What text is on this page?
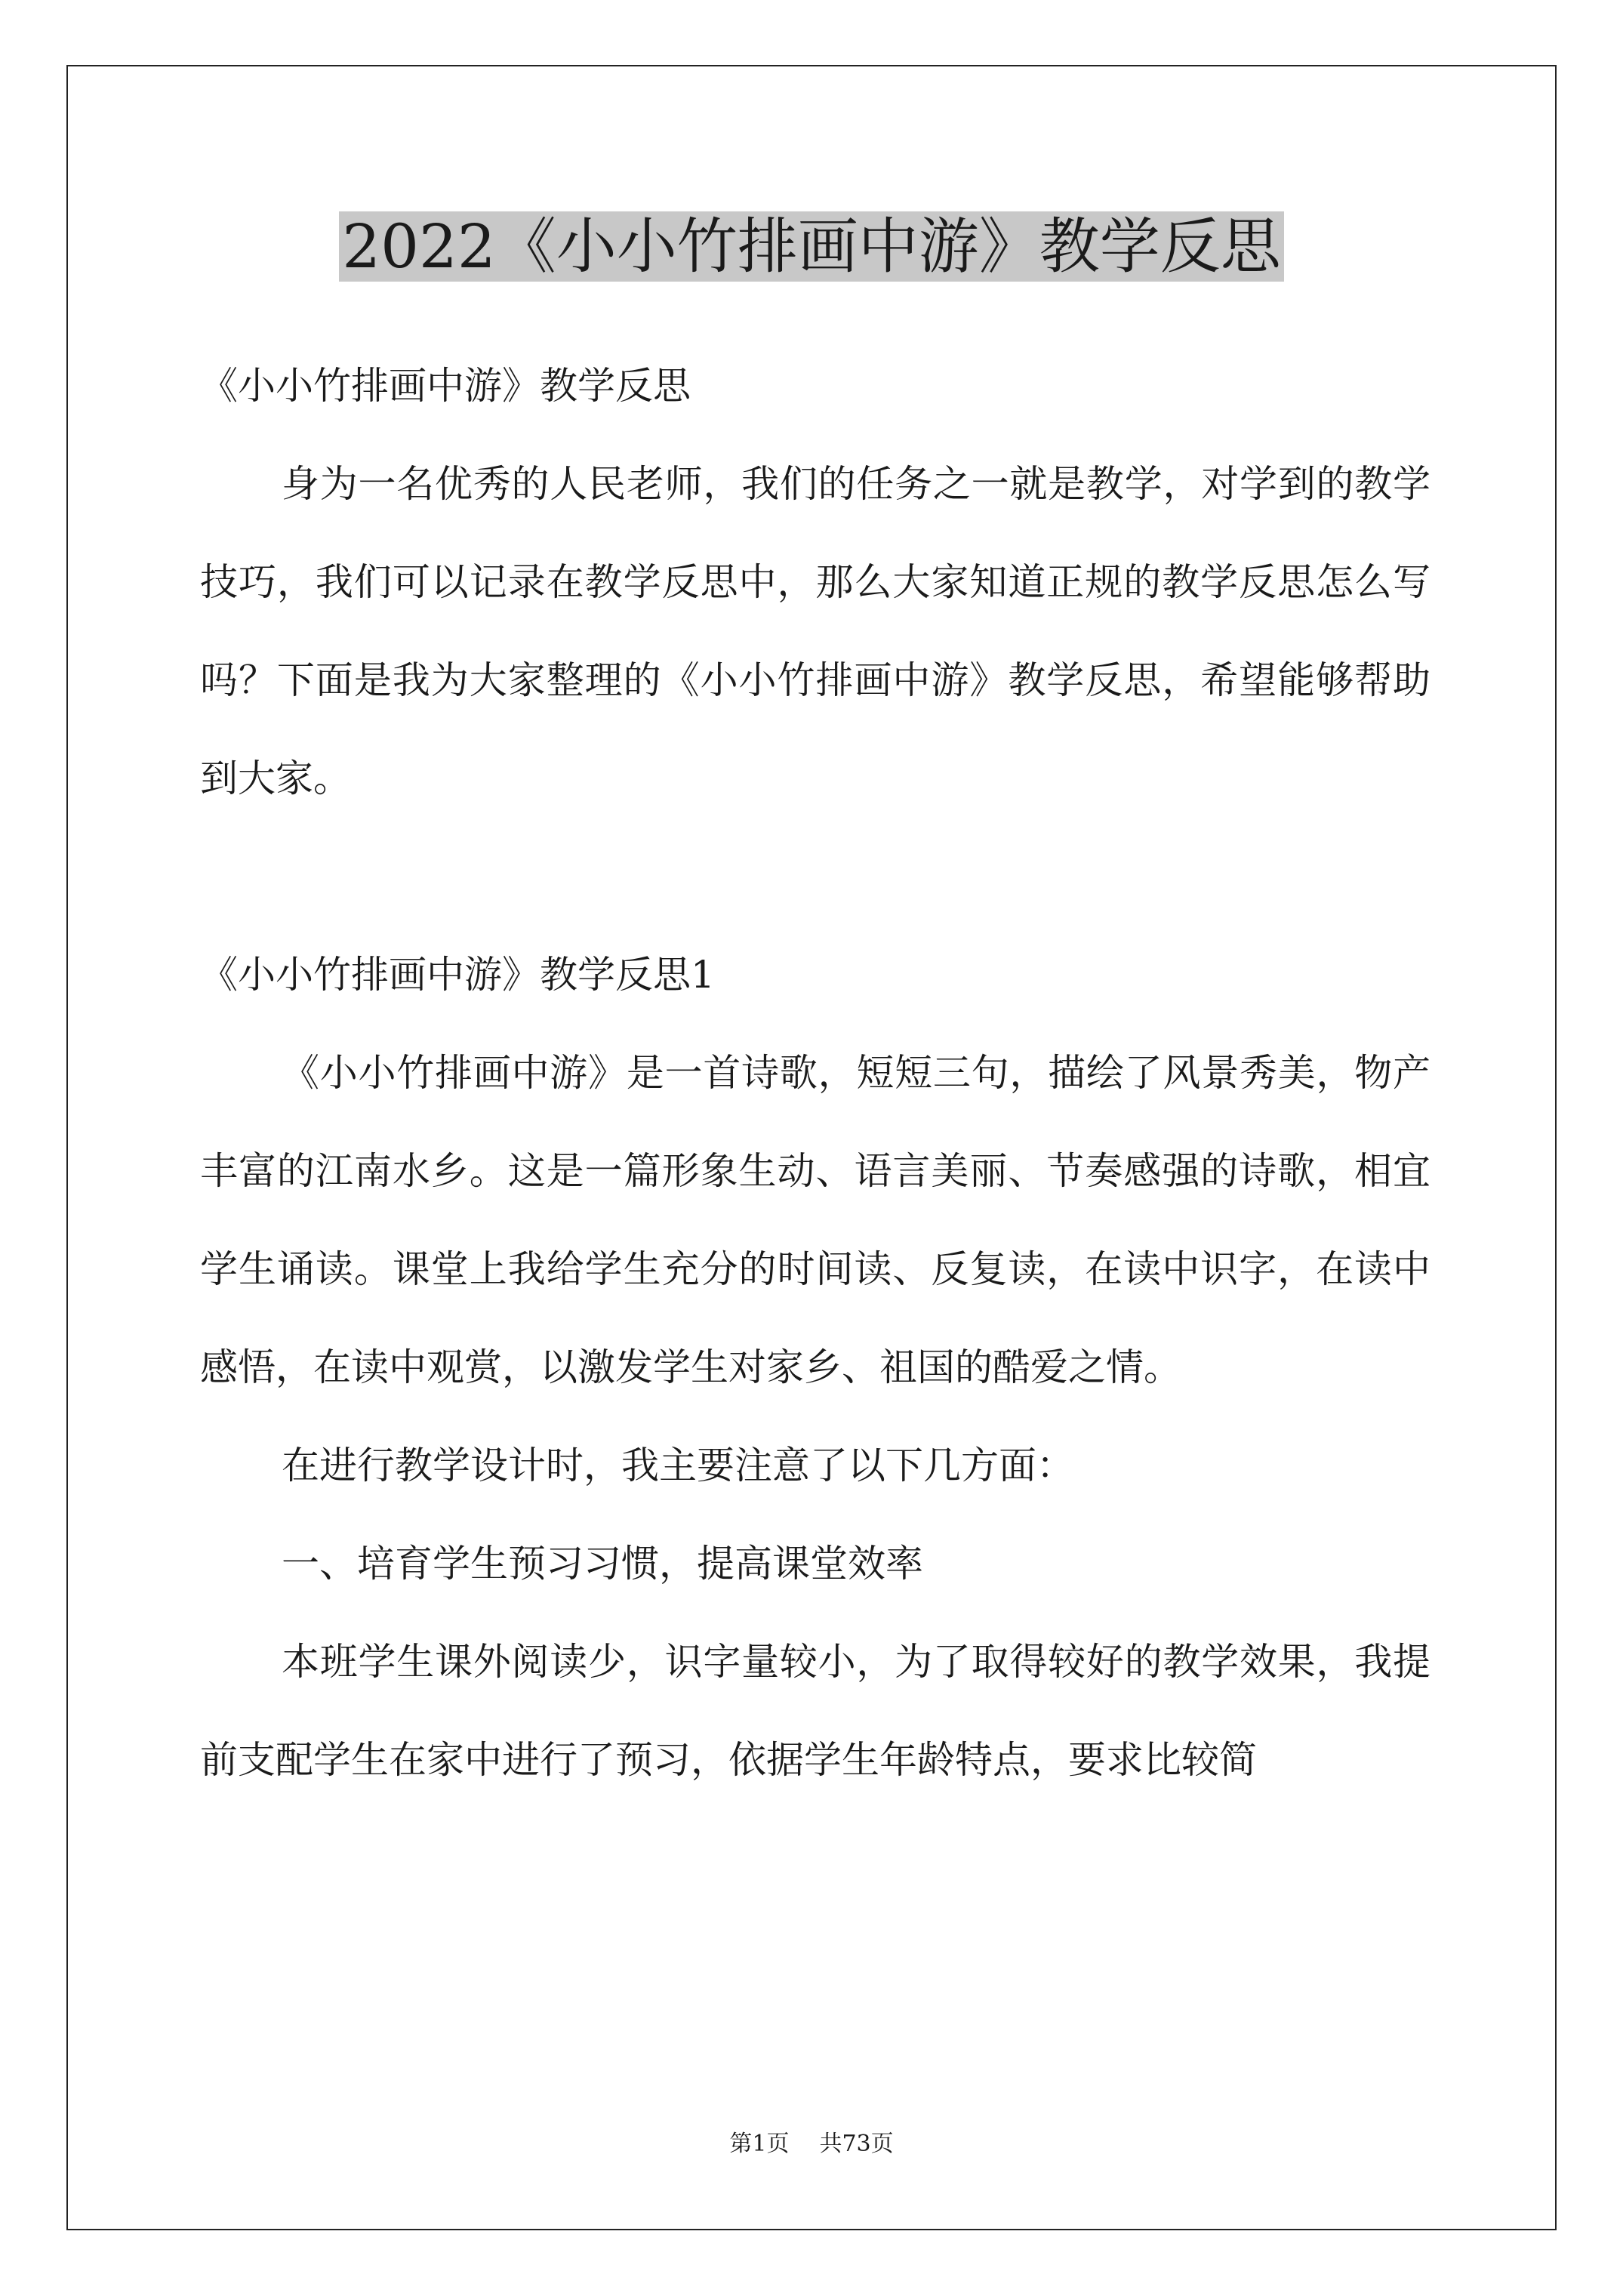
2022《小小竹排画中游》教学反思

《小小竹排画中游》教学反思

身为一名优秀的人民老师，我们的任务之一就是教学，对学到的教学技巧，我们可以记录在教学反思中，那么大家知道正规的教学反思怎么写吗？下面是我为大家整理的《小小竹排画中游》教学反思，希望能够帮助到大家。

《小小竹排画中游》教学反思1

《小小竹排画中游》是一首诗歌，短短三句，描绘了风景秀美，物产丰富的江南水乡。这是一篇形象生动、语言美丽、节奏感强的诗歌，相宜学生诵读。课堂上我给学生充分的时间读、反复读，在读中识字，在读中感悟，在读中观赏，以激发学生对家乡、祖国的酷爱之情。

在进行教学设计时，我主要注意了以下几方面：

一、培育学生预习习惯，提高课堂效率

本班学生课外阅读少，识字量较小，为了取得较好的教学效果，我提前支配学生在家中进行了预习，依据学生年龄特点，要求比较简

第1页 共73页
